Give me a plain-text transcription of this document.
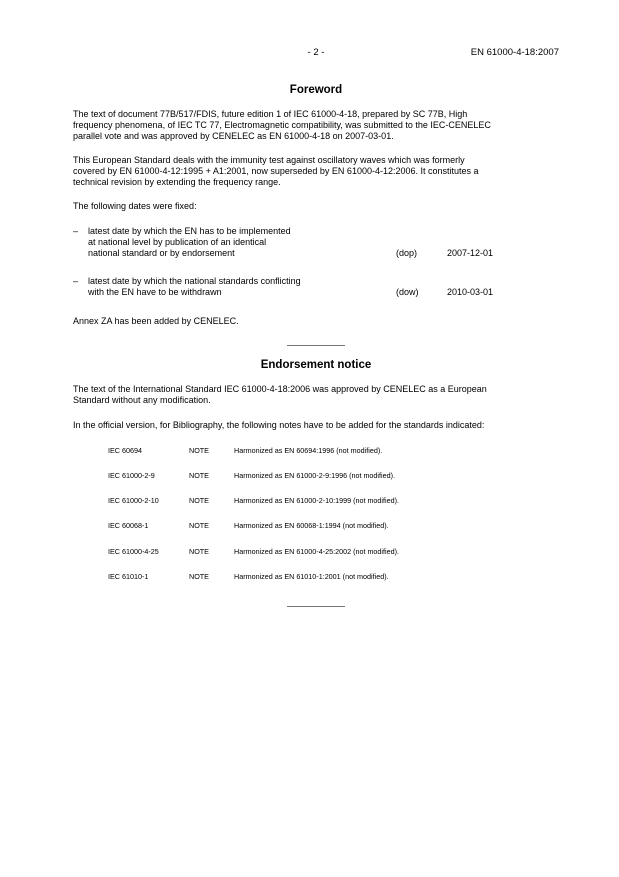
- 2 -	EN 61000-4-18:2007
Foreword
The text of document 77B/517/FDIS, future edition 1 of IEC 61000-4-18, prepared by SC 77B, High
frequency phenomena, of IEC TC 77, Electromagnetic compatibility, was submitted to the IEC-CENELEC
parallel vote and was approved by CENELEC as EN 61000-4-18 on 2007-03-01.
This European Standard deals with the immunity test against oscillatory waves which was formerly
covered by EN 61000-4-12:1995 + A1:2001, now superseded by EN 61000-4-12:2006. It constitutes a
technical revision by extending the frequency range.
The following dates were fixed:
– latest date by which the EN has to be implemented
at national level by publication of an identical
national standard or by endorsement	(dop)	2007-12-01
– latest date by which the national standards conflicting
with the EN have to be withdrawn	(dow)	2010-03-01
Annex ZA has been added by CENELEC.
Endorsement notice
The text of the International Standard IEC 61000-4-18:2006 was approved by CENELEC as a European
Standard without any modification.
In the official version, for Bibliography, the following notes have to be added for the standards indicated:
IEC 60694	NOTE	Harmonized as EN 60694:1996 (not modified).
IEC 61000-2-9	NOTE	Harmonized as EN 61000-2-9:1996 (not modified).
IEC 61000-2-10	NOTE	Harmonized as EN 61000-2-10:1999 (not modified).
IEC 60068-1	NOTE	Harmonized as EN 60068-1:1994 (not modified).
IEC 61000-4-25	NOTE	Harmonized as EN 61000-4-25:2002 (not modified).
IEC 61010-1	NOTE	Harmonized as EN 61010-1:2001 (not modified).
